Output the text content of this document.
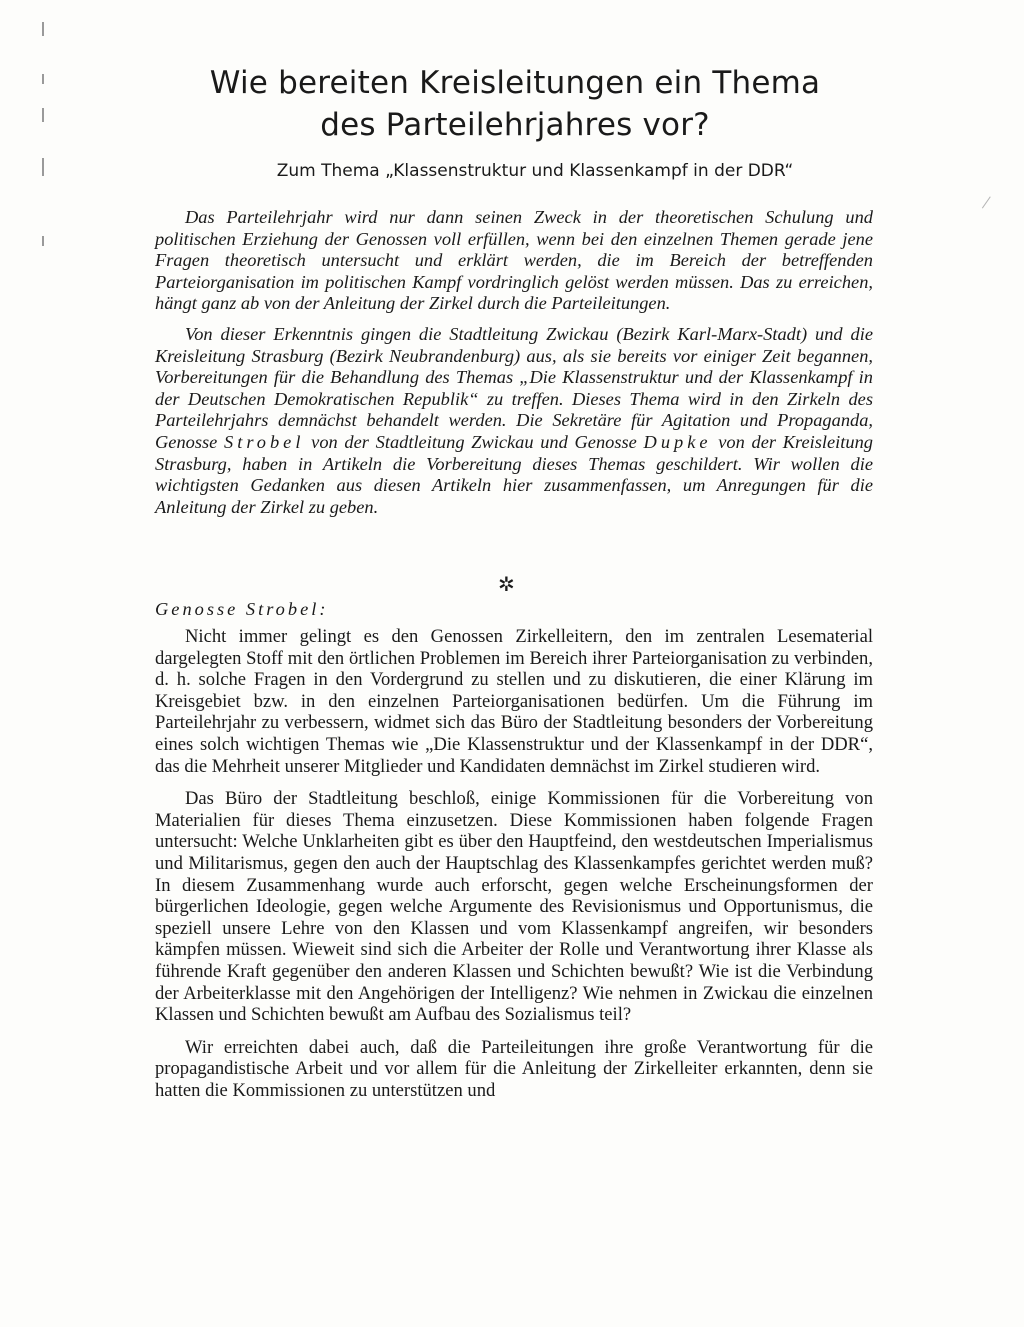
Wie bereiten Kreisleitungen ein Thema
des Parteilehrjahres vor?

Zum Thema „Klassenstruktur und Klassenkampf in der DDR“

Das Parteilehrjahr wird nur dann seinen Zweck in der theoretischen Schulung und politischen Erziehung der Genossen voll erfüllen, wenn bei den einzelnen Themen gerade jene Fragen theoretisch untersucht und erklärt werden, die im Bereich der betreffenden Parteiorganisation im politischen Kampf vordringlich gelöst werden müssen. Das zu erreichen, hängt ganz ab von der Anleitung der Zirkel durch die Parteileitungen.

Von dieser Erkenntnis gingen die Stadtleitung Zwickau (Bezirk Karl-Marx-Stadt) und die Kreisleitung Strasburg (Bezirk Neubrandenburg) aus, als sie bereits vor einiger Zeit begannen, Vorbereitungen für die Behandlung des Themas „Die Klassenstruktur und der Klassenkampf in der Deutschen Demokratischen Republik“ zu treffen. Dieses Thema wird in den Zirkeln des Parteilehrjahrs demnächst behandelt werden. Die Sekretäre für Agitation und Propaganda, Genosse Strobel von der Stadtleitung Zwickau und Genosse Dupke von der Kreisleitung Strasburg, haben in Artikeln die Vorbereitung dieses Themas geschildert. Wir wollen die wichtigsten Gedanken aus diesen Artikeln hier zusammenfassen, um Anregungen für die Anleitung der Zirkel zu geben.

✲
Genosse Strobel:

Nicht immer gelingt es den Genossen Zirkelleitern, den im zentralen Lesematerial dargelegten Stoff mit den örtlichen Problemen im Bereich ihrer Parteiorganisation zu verbinden, d. h. solche Fragen in den Vordergrund zu stellen und zu diskutieren, die einer Klärung im Kreisgebiet bzw. in den einzelnen Parteiorganisationen bedürfen. Um die Führung im Parteilehrjahr zu verbessern, widmet sich das Büro der Stadtleitung besonders der Vorbereitung eines solch wichtigen Themas wie „Die Klassenstruktur und der Klassenkampf in der DDR“, das die Mehrheit unserer Mitglieder und Kandidaten demnächst im Zirkel studieren wird.

Das Büro der Stadtleitung beschloß, einige Kommissionen für die Vorbereitung von Materialien für dieses Thema einzusetzen. Diese Kommissionen haben folgende Fragen untersucht: Welche Unklarheiten gibt es über den Hauptfeind, den westdeutschen Imperialismus und Militarismus, gegen den auch der Hauptschlag des Klassenkampfes gerichtet werden muß? In diesem Zusammenhang wurde auch erforscht, gegen welche Erscheinungsformen der bürgerlichen Ideologie, gegen welche Argumente des Revisionismus und Opportunismus, die speziell unsere Lehre von den Klassen und vom Klassenkampf angreifen, wir besonders kämpfen müssen. Wieweit sind sich die Arbeiter der Rolle und Verantwortung ihrer Klasse als führende Kraft gegenüber den anderen Klassen und Schichten bewußt? Wie ist die Verbindung der Arbeiterklasse mit den Angehörigen der Intelligenz? Wie nehmen in Zwickau die einzelnen Klassen und Schichten bewußt am Aufbau des Sozialismus teil?

Wir erreichten dabei auch, daß die Parteileitungen ihre große Verantwortung für die propagandistische Arbeit und vor allem für die Anleitung der Zirkelleiter erkannten, denn sie hatten die Kommissionen zu unterstützen und
